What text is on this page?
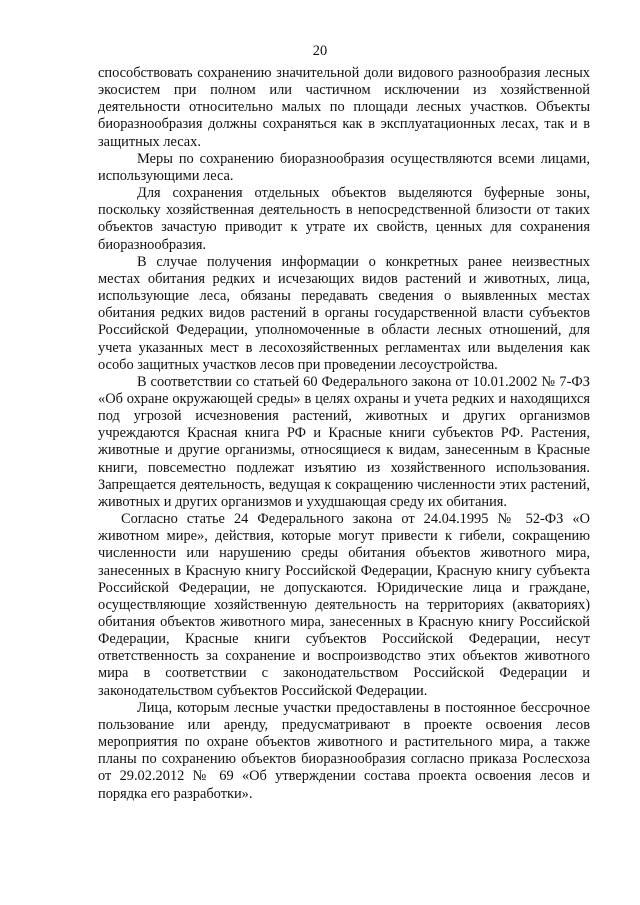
20

способствовать сохранению значительной доли видового разнообразия лесных экосистем при полном или частичном исключении из хозяйственной деятельности относительно малых по площади лесных участков. Объекты биоразнообразия должны сохраняться как в эксплуатационных лесах, так и в защитных лесах.

Меры по сохранению биоразнообразия осуществляются всеми лицами, использующими леса.

Для сохранения отдельных объектов выделяются буферные зоны, поскольку хозяйственная деятельность в непосредственной близости от таких объектов зачастую приводит к утрате их свойств, ценных для сохранения биоразнообразия.

В случае получения информации о конкретных ранее неизвестных местах обитания редких и исчезающих видов растений и животных, лица, использующие леса, обязаны передавать сведения о выявленных местах обитания редких видов растений в органы государственной власти субъектов Российской Федерации, уполномоченные в области лесных отношений, для учета указанных мест в лесохозяйственных регламентах или выделения как особо защитных участков лесов при проведении лесоустройства.

В соответствии со статьей 60 Федерального закона от 10.01.2002 № 7-ФЗ «Об охране окружающей среды» в целях охраны и учета редких и находящихся под угрозой исчезновения растений, животных и других организмов учреждаются Красная книга РФ и Красные книги субъектов РФ. Растения, животные и другие организмы, относящиеся к видам, занесенным в Красные книги, повсеместно подлежат изъятию из хозяйственного использования. Запрещается деятельность, ведущая к сокращению численности этих растений, животных и других организмов и ухудшающая среду их обитания.

Согласно статье 24 Федерального закона от 24.04.1995 № 52-ФЗ «О животном мире», действия, которые могут привести к гибели, сокращению численности или нарушению среды обитания объектов животного мира, занесенных в Красную книгу Российской Федерации, Красную книгу субъекта Российской Федерации, не допускаются. Юридические лица и граждане, осуществляющие хозяйственную деятельность на территориях (акваториях) обитания объектов животного мира, занесенных в Красную книгу Российской Федерации, Красные книги субъектов Российской Федерации, несут ответственность за сохранение и воспроизводство этих объектов животного мира в соответствии с законодательством Российской Федерации и законодательством субъектов Российской Федерации.

Лица, которым лесные участки предоставлены в постоянное бессрочное пользование или аренду, предусматривают в проекте освоения лесов мероприятия по охране объектов животного и растительного мира, а также планы по сохранению объектов биоразнообразия согласно приказа Рослесхоза от 29.02.2012 № 69 «Об утверждении состава проекта освоения лесов и порядка его разработки».
